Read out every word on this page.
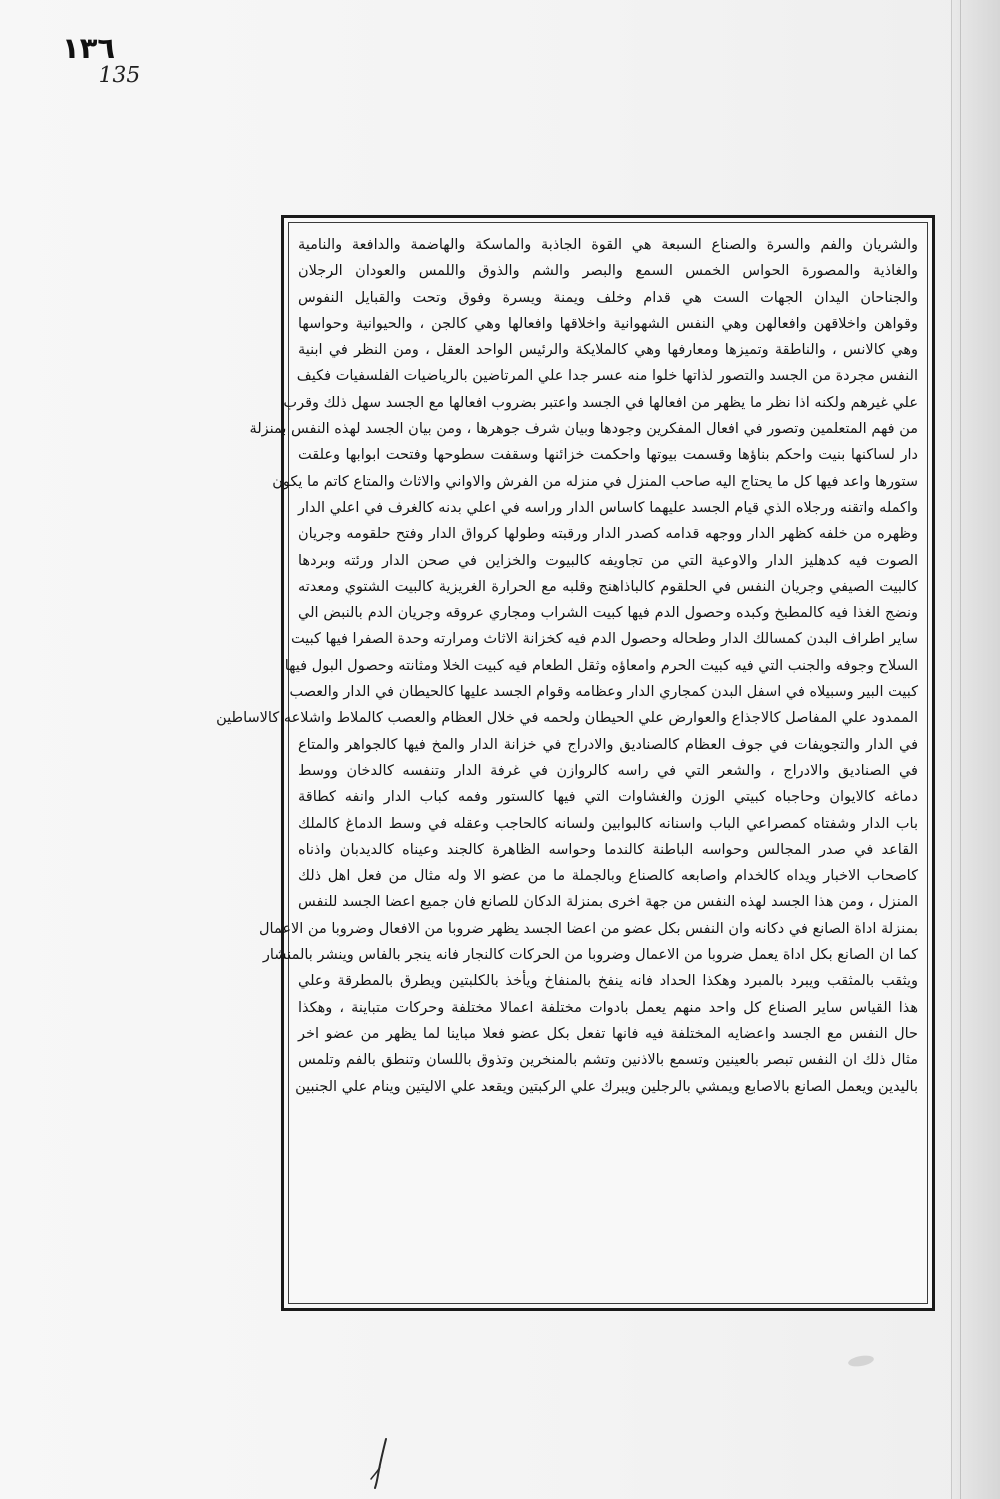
١٣٦
135
والشريان والفم والسرة والصناع السبعة هي القوة الجاذبة والماسكة والهاضمة والدافعة والنامية
والغاذية والمصورة الحواس الخمس السمع والبصر والشم والذوق واللمس والعودان الرجلان
والجناحان اليدان الجهات الست هي قدام وخلف ويمنة ويسرة وفوق وتحت والقبايل النفوس
وقواهن واخلاقهن وافعالهن وهي النفس الشهوانية واخلاقها وافعالها وهي كالجن ، والحيوانية وحواسها
وهي كالانس ، والناطقة وتميزها ومعارفها وهي كالملايكة والرئيس الواحد العقل ، ومن النظر في ابنية
النفس مجردة من الجسد والتصور لذاتها خلوا منه عسر جدا علي المرتاضين بالرياضيات الفلسفيات فكيف
علي غيرهم ولكنه اذا نظر ما يظهر من افعالها في الجسد واعتبر بضروب افعالها مع الجسد سهل ذلك وقرب
من فهم المتعلمين وتصور في افعال المفكرين وجودها وبيان شرف جوهرها ، ومن بيان الجسد لهذه النفس بمنزلة
دار لساكنها بنيت واحكم بناؤها وقسمت بيوتها واحكمت خزائنها وسقفت سطوحها وفتحت ابوابها وعلقت
ستورها واعد فيها كل ما يحتاج اليه صاحب المنزل في منزله من الفرش والاواني والاثاث والمتاع كاتم ما يكون
واكمله واتقنه ورجلاه الذي قيام الجسد عليهما كاساس الدار وراسه في اعلي بدنه كالغرف في اعلي الدار
وظهره من خلفه كظهر الدار ووجهه قدامه كصدر الدار ورقبته وطولها كرواق الدار وفتح حلقومه وجريان
الصوت فيه كدهليز الدار والاوعية التي من تجاويفه كالبيوت والخزاين في صحن الدار ورئته وبردها
كالبيت الصيفي وجريان النفس في الحلقوم كالباذاهنج وقلبه مع الحرارة الغريزية كالبيت الشتوي ومعدته
ونضج الغذا فيه كالمطبخ وكبده وحصول الدم فيها كبيت الشراب ومجاري عروقه وجريان الدم بالنبض الي
ساير اطراف البدن كمسالك الدار وطحاله وحصول الدم فيه كخزانة الاثاث ومرارته وحدة الصفرا فيها كبيت
السلاح وجوفه والجنب التي فيه كبيت الحرم وامعاؤه وثقل الطعام فيه كبيت الخلا ومثانته وحصول البول فيها
كبيت البير وسبيلاه في اسفل البدن كمجاري الدار وعظامه وقوام الجسد عليها كالحيطان في الدار والعصب
الممدود علي المفاصل كالاجذاع والعوارض علي الحيطان ولحمه في خلال العظام والعصب كالملاط واشلاعه كالاساطين
في الدار والتجويفات في جوف العظام كالصناديق والادراج في خزانة الدار والمخ فيها كالجواهر والمتاع
في الصناديق والادراج ، والشعر التي في راسه كالروازن في غرفة الدار وتنفسه كالدخان ووسط
دماغه كالايوان وحاجباه كبيتي الوزن والغشاوات التي فيها كالستور وفمه كباب الدار وانفه كطاقة
باب الدار وشفتاه كمصراعي الباب واسنانه كالبوابين ولسانه كالحاجب وعقله في وسط الدماغ كالملك
القاعد في صدر المجالس وحواسه الباطنة كالندما وحواسه الظاهرة كالجند وعيناه كالديدبان واذناه
كاصحاب الاخبار ويداه كالخدام واصابعه كالصناع وبالجملة ما من عضو الا وله مثال من فعل اهل ذلك
المنزل ، ومن هذا الجسد لهذه النفس من جهة اخرى بمنزلة الدكان للصانع فان جميع اعضا الجسد للنفس
بمنزلة اداة الصانع في دكانه وان النفس بكل عضو من اعضا الجسد يظهر ضروبا من الافعال وضروبا من الاعمال
كما ان الصانع بكل اداة يعمل ضروبا من الاعمال وضروبا من الحركات كالنجار فانه ينجر بالفاس وينشر بالمنشار
ويثقب بالمثقب ويبرد بالمبرد وهكذا الحداد فانه ينفخ بالمنفاخ ويأخذ بالكلبتين ويطرق بالمطرقة وعلي
هذا القياس ساير الصناع كل واحد منهم يعمل بادوات مختلفة اعمالا مختلفة وحركات متباينة ، وهكذا
حال النفس مع الجسد واعضايه المختلفة فيه فانها تفعل بكل عضو فعلا مباينا لما يظهر من عضو اخر
مثال ذلك ان النفس تبصر بالعينين وتسمع بالاذنين وتشم بالمنخرين وتذوق باللسان وتنطق بالفم وتلمس
باليدين ويعمل الصانع بالاصابع ويمشي بالرجلين ويبرك علي الركبتين ويقعد علي الاليتين وينام علي الجنبين
